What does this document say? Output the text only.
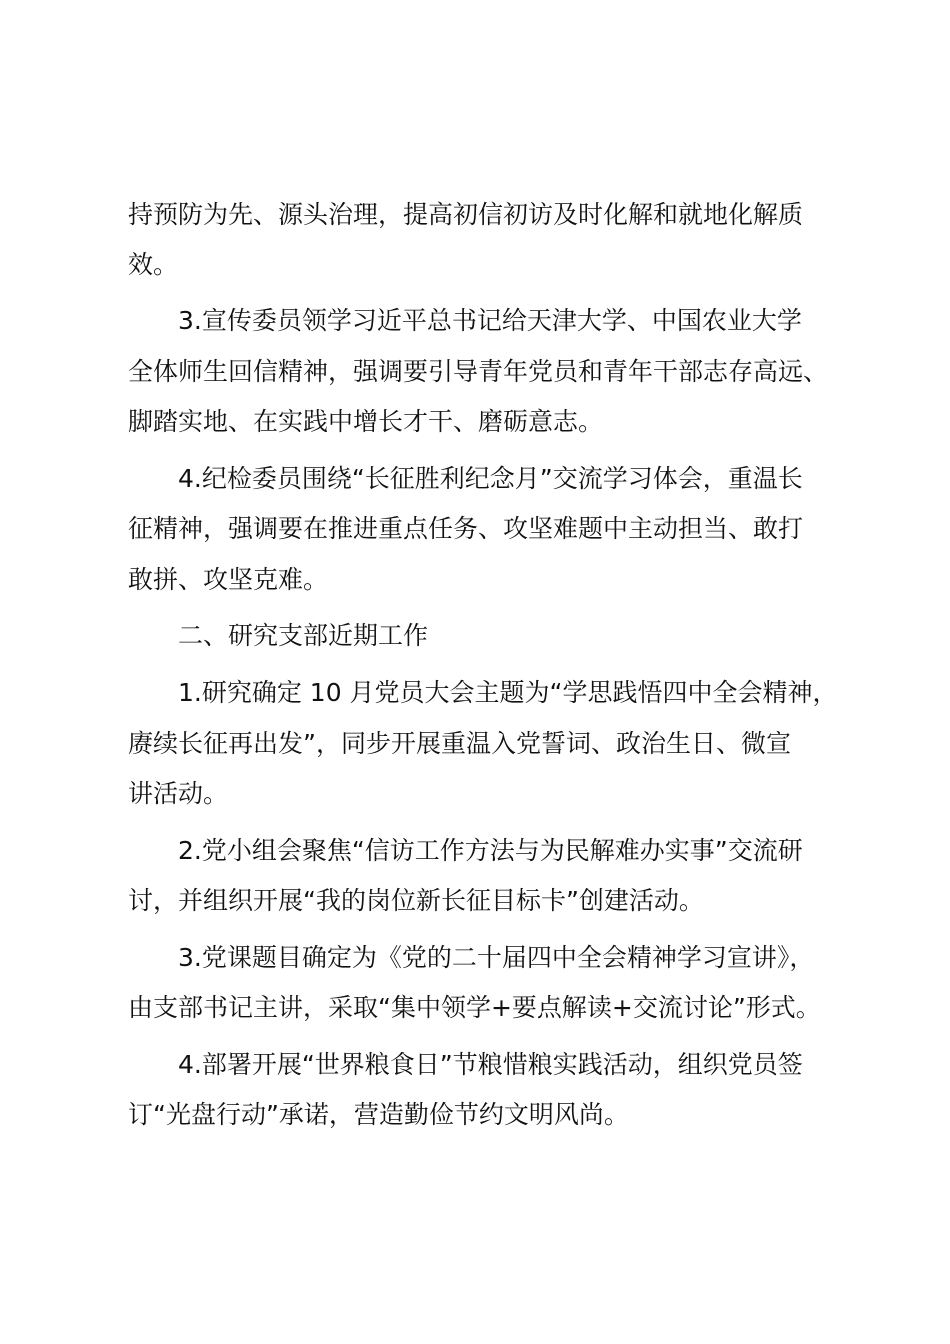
持预防为先、源头治理，提高初信初访及时化解和就地化解质
效。
3.宣传委员领学习近平总书记给天津大学、中国农业大学
全体师生回信精神，强调要引导青年党员和青年干部志存高远、
脚踏实地、在实践中增长才干、磨砺意志。
4.纪检委员围绕“长征胜利纪念月”交流学习体会，重温长
征精神，强调要在推进重点任务、攻坚难题中主动担当、敢打
敢拼、攻坚克难。
二、研究支部近期工作
1.研究确定 10 月党员大会主题为“学思践悟四中全会精神，
赓续长征再出发”，同步开展重温入党誓词、政治生日、微宣
讲活动。
2.党小组会聚焦“信访工作方法与为民解难办实事”交流研
讨，并组织开展“我的岗位新长征目标卡”创建活动。
3.党课题目确定为《党的二十届四中全会精神学习宣讲》，
由支部书记主讲，采取“集中领学+要点解读+交流讨论”形式。
4.部署开展“世界粮食日”节粮惜粮实践活动，组织党员签
订“光盘行动”承诺，营造勤俭节约文明风尚。
